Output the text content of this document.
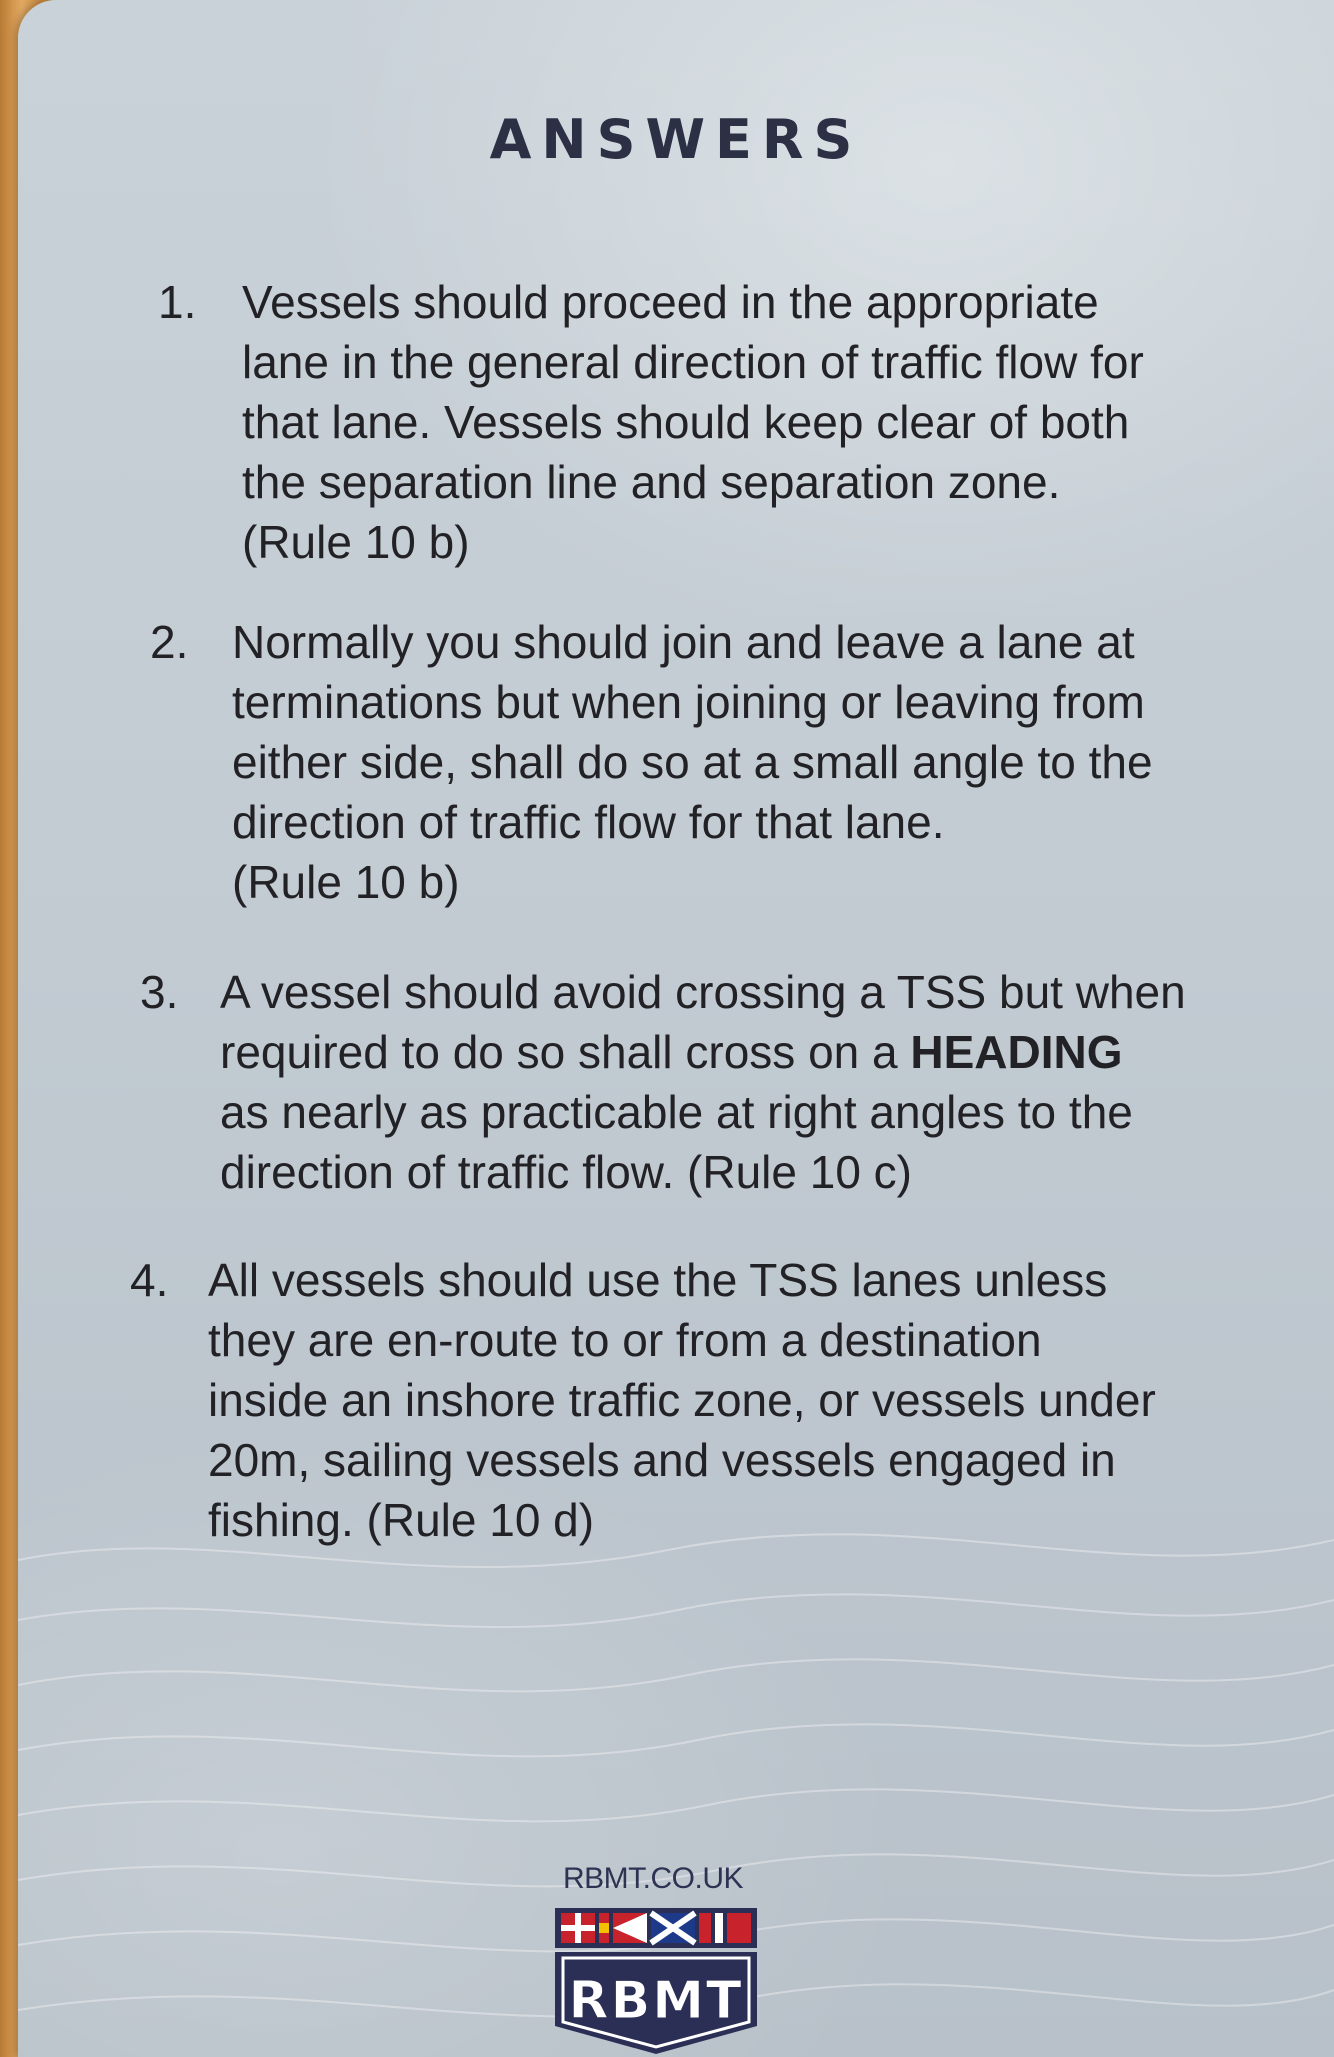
ANSWERS
1. Vessels should proceed in the appropriate
lane in the general direction of traffic flow for
that lane. Vessels should keep clear of both
the separation line and separation zone.
(Rule 10 b)
2. Normally you should join and leave a lane at
terminations but when joining or leaving from
either side, shall do so at a small angle to the
direction of traffic flow for that lane.
(Rule 10 b)
3. A vessel should avoid crossing a TSS but when
required to do so shall cross on a HEADING
as nearly as practicable at right angles to the
direction of traffic flow. (Rule 10 c)
4. All vessels should use the TSS lanes unless
they are en-route to or from a destination
inside an inshore traffic zone, or vessels under
20m, sailing vessels and vessels engaged in
fishing. (Rule 10 d)
RBMT.CO.UK
RBMT
